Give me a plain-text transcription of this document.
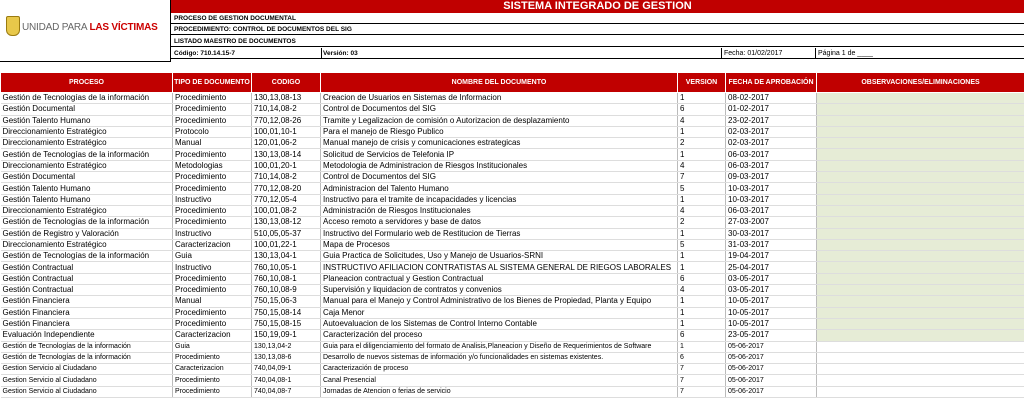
UNIDAD PARA LAS VÍCTIMAS
SISTEMA INTEGRADO DE GESTION
PROCESO DE GESTION DOCUMENTAL
PROCEDIMIENTO: CONTROL DE DOCUMENTOS DEL SIG
LISTADO MAESTRO DE DOCUMENTOS
Código: 710.14.15-7	Versión: 03	Fecha: 01/02/2017	Página 1 de ____
PROCESO	TIPO DE DOCUMENTO	CODIGO	NOMBRE DEL DOCUMENTO	VERSION	FECHA DE APROBACIÓN	OBSERVACIONES/ELIMINACIONES
Gestión de Tecnologías de la información	Procedimiento	130,13,08-13	Creacion de Usuarios en Sistemas de Informacion	1	08-02-2017	
Gestión Documental	Procedimiento	710,14,08-2	Control de Documentos del SIG	6	01-02-2017	
Gestión Talento Humano	Procedimiento	770,12,08-26	Tramite y Legalizacion de comisión o Autorizacion de desplazamiento	4	23-02-2017	
Direccionamiento Estratégico	Protocolo	100,01,10-1	Para el manejo de Riesgo Publico	1	02-03-2017	
Direccionamiento Estratégico	Manual	120,01,06-2	Manual manejo de crisis y comunicaciones estrategicas	2	02-03-2017	
Gestión de Tecnologías de la información	Procedimiento	130,13,08-14	Solicitud de Servicios de Telefonia IP	1	06-03-2017	
Direccionamiento Estratégico	Metodologias	100,01,20-1	Metodologia de Administracion de Riesgos Institucionales	4	06-03-2017	
Gestión Documental	Procedimiento	710,14,08-2	Control de Documentos del SIG	7	09-03-2017	
Gestión Talento Humano	Procedimiento	770,12,08-20	Administracion del Talento Humano	5	10-03-2017	
Gestión Talento Humano	Instructivo	770,12,05-4	Instructivo para el tramite de incapacidades y licencias	1	10-03-2017	
Direccionamiento Estratégico	Procedimiento	100,01,08-2	Administración de Riesgos Institucionales	4	06-03-2017	
Gestión de Tecnologías de la información	Procedimiento	130,13,08-12	Acceso remoto a servidores y base de datos	2	27-03-2007	
Gestión de Registro y Valoración	Instructivo	510,05,05-37	Instructivo del Formulario web de Restitucion de Tierras	1	30-03-2017	
Direccionamiento Estratégico	Caracterizacion	100,01,22-1	Mapa de Procesos	5	31-03-2017	
Gestión de Tecnologías de la información	Guia	130,13,04-1	Guia Practica de Solicitudes, Uso y Manejo de Usuarios-SRNI	1	19-04-2017	
Gestión Contractual	Instructivo	760,10,05-1	INSTRUCTIVO AFILIACION CONTRATISTAS AL SISTEMA GENERAL DE RIEGOS LABORALES	1	25-04-2017	
Gestión Contractual	Procedimiento	760,10,08-1	Planeacion contractual y Gestion Contractual	6	03-05-2017	
Gestión Contractual	Procedimiento	760,10,08-9	Supervisión y liquidacion de contratos y convenios	4	03-05-2017	
Gestión Financiera	Manual	750,15,06-3	Manual para el Manejo y Control Administrativo de los Bienes de Propiedad, Planta y Equipo	1	10-05-2017	
Gestión Financiera	Procedimiento	750,15,08-14	Caja Menor	1	10-05-2017	
Gestión Financiera	Procedimiento	750,15,08-15	Autoevaluacion de los Sistemas de Control Interno Contable	1	10-05-2017	
Evaluación Independiente	Caracterizacion	150,19,09-1	Caracterización del proceso	6	23-05-2017	
Gestión de Tecnologías de la información	Guia	130,13,04-2	Guia para el diligenciamiento del formato de Analisis,Planeacion y Diseño de Requerimientos de Software	1	05-06-2017	
Gestión de Tecnologías de la información	Procedimiento	130,13,08-6	Desarrollo de nuevos sistemas de información y/o funcionalidades en sistemas existentes.	6	05-06-2017	
Gestion Servicio al Ciudadano	Caracterizacion	740,04,09-1	Caracterización de proceso	7	05-06-2017	
Gestion Servicio al Ciudadano	Procedimiento	740,04,08-1	Canal Presencial	7	05-06-2017	
Gestion Servicio al Ciudadano	Procedimiento	740,04,08-7	Jornadas de Atencion o ferias de servicio	7	05-06-2017	
